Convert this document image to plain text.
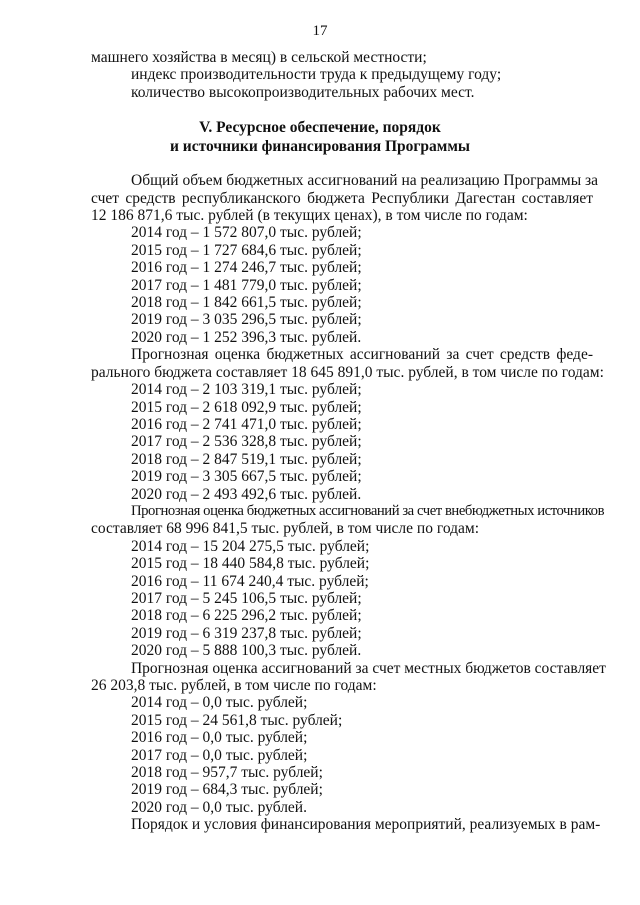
17
машнего хозяйства в месяц) в сельской местности;
индекс производительности труда к предыдущему году;
количество высокопроизводительных рабочих мест.
V. Ресурсное обеспечение, порядок
и источники финансирования Программы
Общий объем бюджетных ассигнований на реализацию Программы за
счет средств республиканского бюджета Республики Дагестан составляет
12 186 871,6 тыс. рублей (в текущих ценах), в том числе по годам:
2014 год – 1 572 807,0 тыс. рублей;
2015 год – 1 727 684,6 тыс. рублей;
2016 год – 1 274 246,7 тыс. рублей;
2017 год – 1 481 779,0 тыс. рублей;
2018 год – 1 842 661,5 тыс. рублей;
2019 год – 3 035 296,5 тыс. рублей;
2020 год – 1 252 396,3 тыс. рублей.
Прогнозная оценка бюджетных ассигнований за счет средств феде-
рального бюджета составляет 18 645 891,0 тыс. рублей, в том числе по годам:
2014 год – 2 103 319,1 тыс. рублей;
2015 год – 2 618 092,9 тыс. рублей;
2016 год – 2 741 471,0 тыс. рублей;
2017 год – 2 536 328,8 тыс. рублей;
2018 год – 2 847 519,1 тыс. рублей;
2019 год – 3 305 667,5 тыс. рублей;
2020 год – 2 493 492,6 тыс. рублей.
Прогнозная оценка бюджетных ассигнований за счет внебюджетных источников
составляет 68 996 841,5 тыс. рублей, в том числе по годам:
2014 год – 15 204 275,5 тыс. рублей;
2015 год – 18 440 584,8 тыс. рублей;
2016 год – 11 674 240,4 тыс. рублей;
2017 год – 5 245 106,5 тыс. рублей;
2018 год – 6 225 296,2 тыс. рублей;
2019 год – 6 319 237,8 тыс. рублей;
2020 год – 5 888 100,3 тыс. рублей.
Прогнозная оценка ассигнований за счет местных бюджетов составляет
26 203,8 тыс. рублей, в том числе по годам:
2014 год – 0,0 тыс. рублей;
2015 год – 24 561,8 тыс. рублей;
2016 год – 0,0 тыс. рублей;
2017 год – 0,0 тыс. рублей;
2018 год – 957,7 тыс. рублей;
2019 год – 684,3 тыс. рублей;
2020 год – 0,0 тыс. рублей.
Порядок и условия финансирования мероприятий, реализуемых в рам-
